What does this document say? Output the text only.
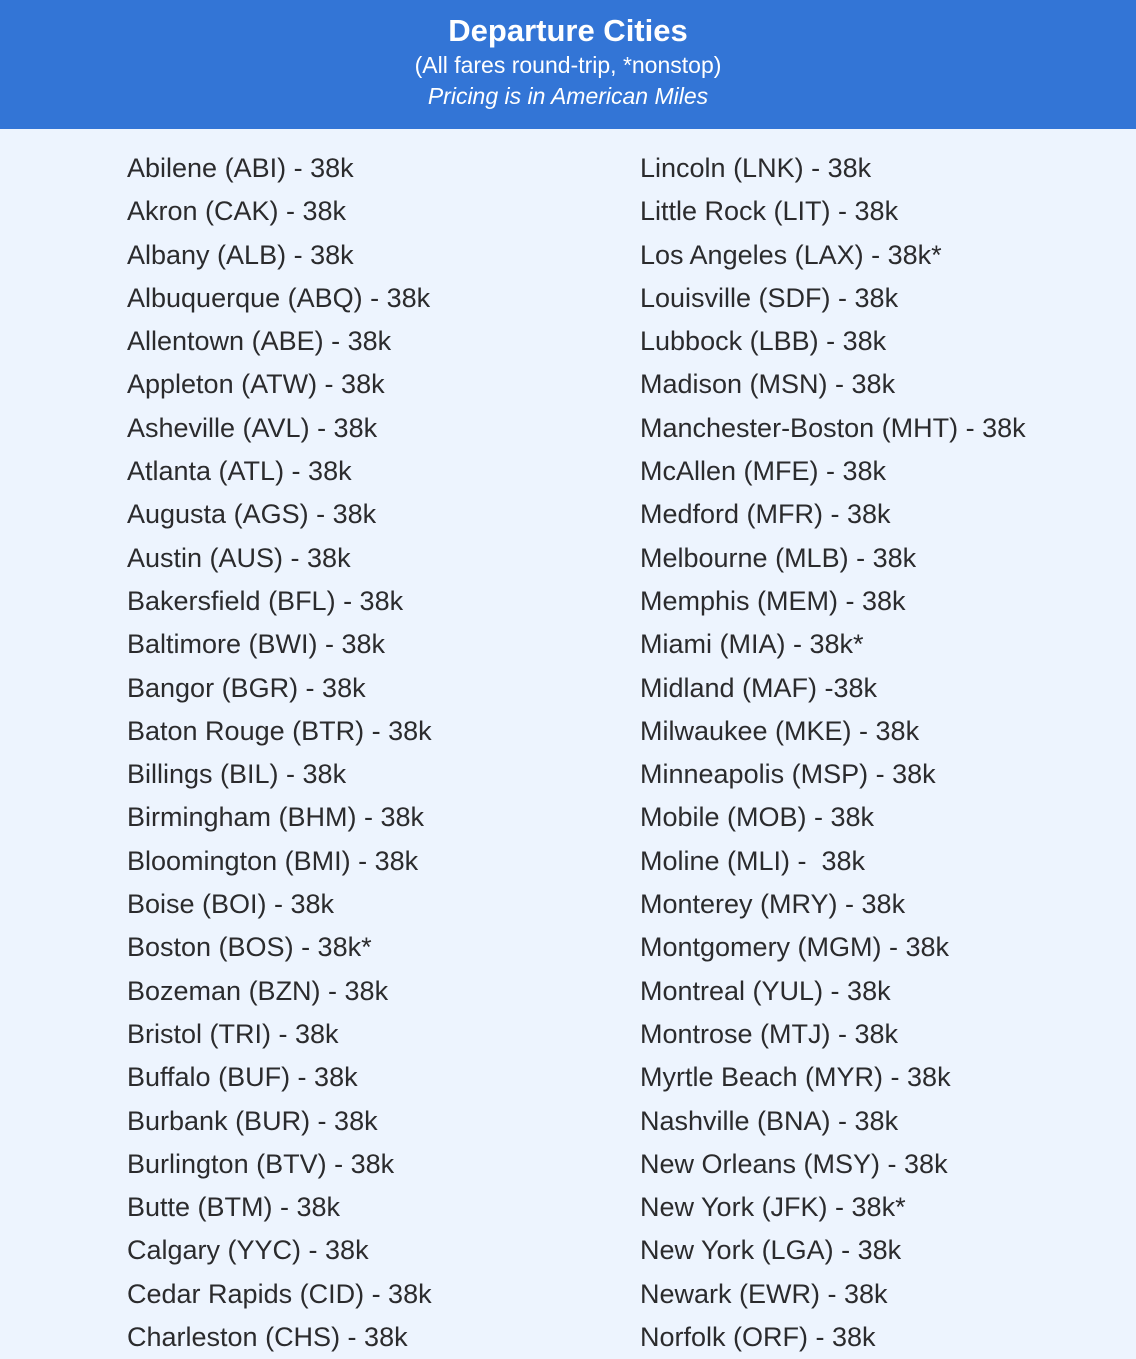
Departure Cities
(All fares round-trip, *nonstop)
Pricing is in American Miles
Abilene (ABI) - 38k
Akron (CAK) - 38k
Albany (ALB) - 38k
Albuquerque (ABQ) - 38k
Allentown (ABE) - 38k
Appleton (ATW) - 38k
Asheville (AVL) - 38k
Atlanta (ATL) - 38k
Augusta (AGS) - 38k
Austin (AUS) - 38k
Bakersfield (BFL) - 38k
Baltimore (BWI) - 38k
Bangor (BGR) - 38k
Baton Rouge (BTR) - 38k
Billings (BIL) - 38k
Birmingham (BHM) - 38k
Bloomington (BMI) - 38k
Boise (BOI) - 38k
Boston (BOS) - 38k*
Bozeman (BZN) - 38k
Bristol (TRI) - 38k
Buffalo (BUF) - 38k
Burbank (BUR) - 38k
Burlington (BTV) - 38k
Butte (BTM) - 38k
Calgary (YYC) - 38k
Cedar Rapids (CID) - 38k
Charleston (CHS) - 38k
Lincoln (LNK) - 38k
Little Rock (LIT) - 38k
Los Angeles (LAX) - 38k*
Louisville (SDF) - 38k
Lubbock (LBB) - 38k
Madison (MSN) - 38k
Manchester-Boston (MHT) - 38k
McAllen (MFE) - 38k
Medford (MFR) - 38k
Melbourne (MLB) - 38k
Memphis (MEM) - 38k
Miami (MIA) - 38k*
Midland (MAF) -38k
Milwaukee (MKE) - 38k
Minneapolis (MSP) - 38k
Mobile (MOB) - 38k
Moline (MLI) -  38k
Monterey (MRY) - 38k
Montgomery (MGM) - 38k
Montreal (YUL) - 38k
Montrose (MTJ) - 38k
Myrtle Beach (MYR) - 38k
Nashville (BNA) - 38k
New Orleans (MSY) - 38k
New York (JFK) - 38k*
New York (LGA) - 38k
Newark (EWR) - 38k
Norfolk (ORF) - 38k
